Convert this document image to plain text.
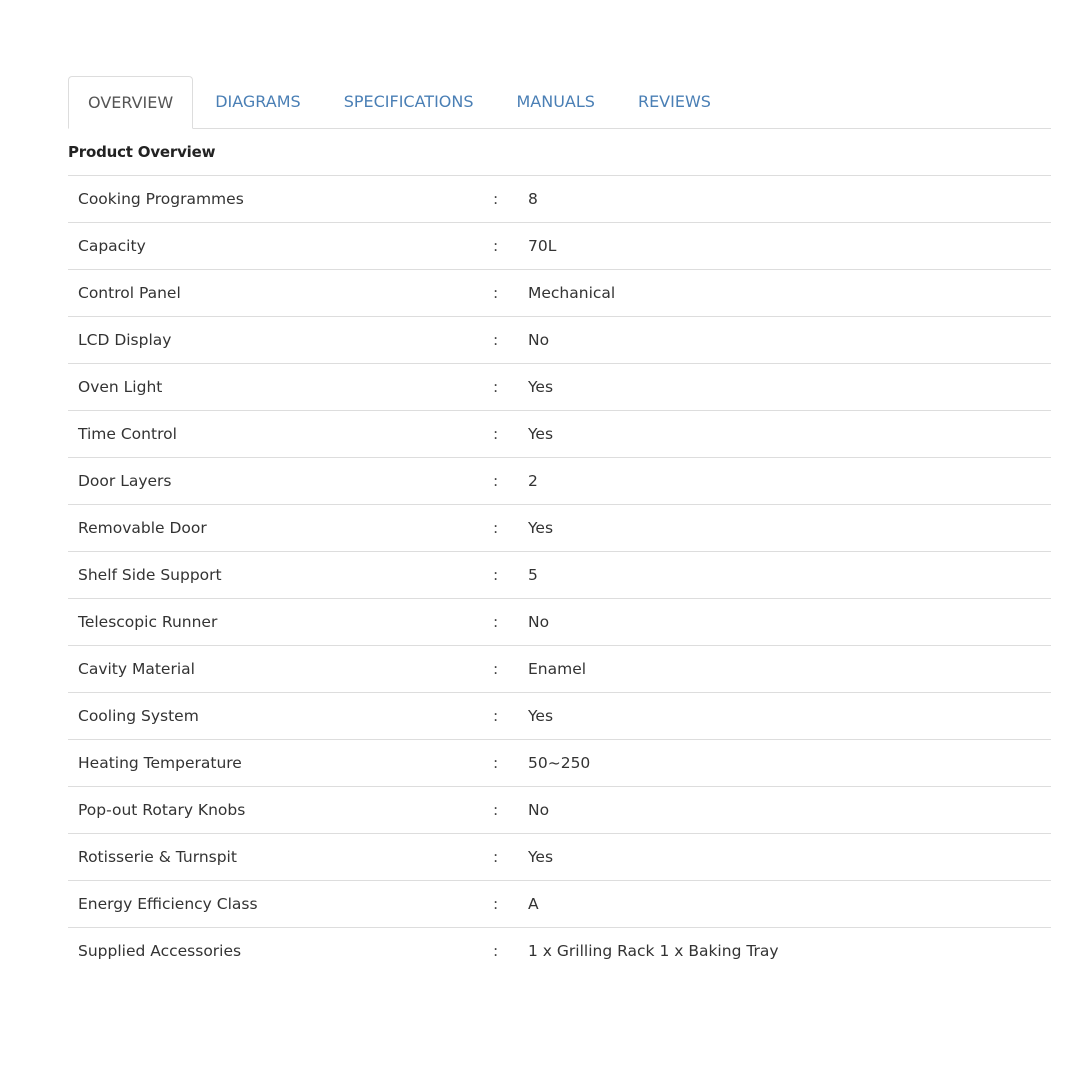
OVERVIEW	DIAGRAMS	SPECIFICATIONS	MANUALS	REVIEWS
Product Overview
Cooking Programmes	:	8
Capacity	:	70L
Control Panel	:	Mechanical
LCD Display	:	No
Oven Light	:	Yes
Time Control	:	Yes
Door Layers	:	2
Removable Door	:	Yes
Shelf Side Support	:	5
Telescopic Runner	:	No
Cavity Material	:	Enamel
Cooling System	:	Yes
Heating Temperature	:	50~250
Pop-out Rotary Knobs	:	No
Rotisserie & Turnspit	:	Yes
Energy Efficiency Class	:	A
Supplied Accessories	:	1 x Grilling Rack 1 x Baking Tray
